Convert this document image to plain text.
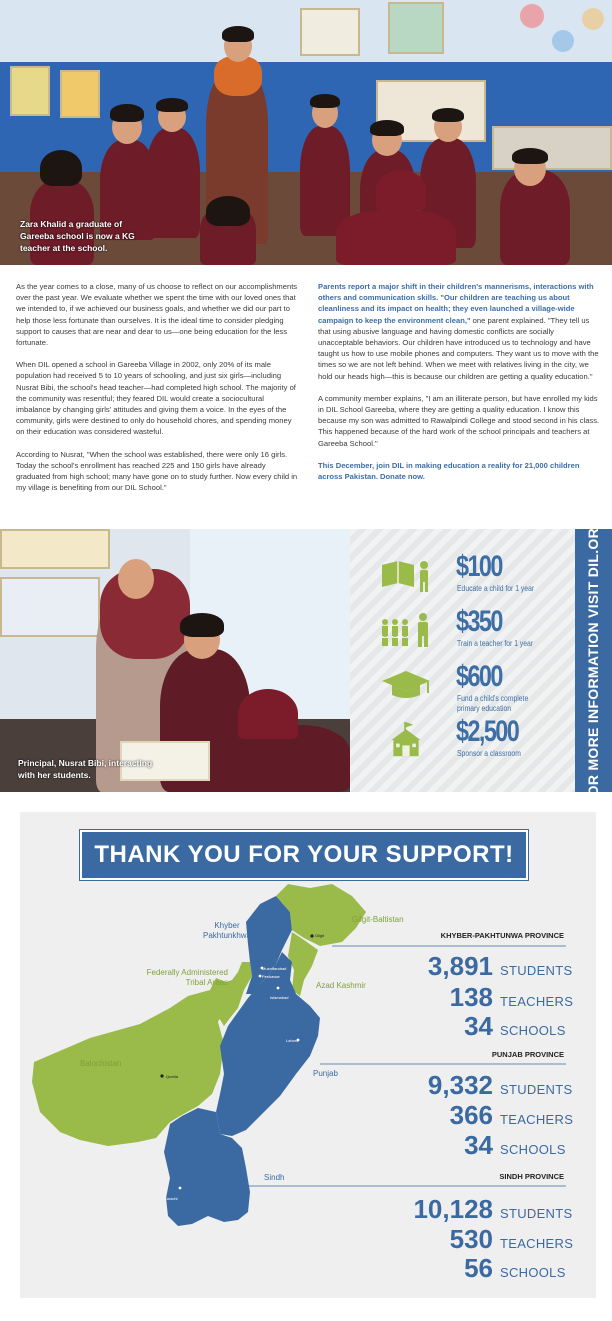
Zara Khalid a graduate of Gareeba school is now a KG teacher at the school.

As the year comes to a close, many of us choose to reflect on our accomplishments over the past year. We evaluate whether we spent the time with our loved ones that we intended to, if we achieved our business goals, and whether we did our part to help those less fortunate than ourselves. It is the ideal time to consider pledging support to causes that are near and dear to us—one being education for the less fortunate.

When DIL opened a school in Gareeba Village in 2002, only 20% of its male population had received 5 to 10 years of schooling, and just six girls—including Nusrat Bibi, the school's head teacher—had completed high school. The majority of the community was resentful; they feared DIL would create a sociocultural imbalance by changing girls' attitudes and giving them a voice. In the eyes of the community, girls were destined to only do household chores, and spending money on their education was considered wasteful.

According to Nusrat, "When the school was established, there were only 16 girls. Today the school's enrollment has reached 225 and 150 girls have already graduated from high school; many have gone on to study further. Now every child in my village is benefiting from our DIL School."

Parents report a major shift in their children's mannerisms, interactions with others and communication skills. "Our children are teaching us about cleanliness and its impact on health; they even launched a village-wide campaign to keep the environment clean," one parent explained. "They tell us that using abusive language and having domestic conflicts are socially unacceptable behaviors. Our children have introduced us to technology and have taught us how to use mobile phones and computers. They want us to move with the times so we are not left behind. When we meet with relatives living in the city, we hold our heads high—this is because our children are getting a quality education."

A community member explains, "I am an illiterate person, but have enrolled my kids in DIL School Gareeba, where they are getting a quality education. I know this because my son was admitted to Rawalpindi College and stood second in his class. This happened because of the hard work of the school principals and teachers at Gareeba School."

This December, join DIL in making education a reality for 21,000 children across Pakistan. Donate now.

Principal, Nusrat Bibi, interacting with her students.
$100
Educate a child for 1 year
$350
Train a teacher for 1 year
$600
Fund a child's complete primary education
$2,500
Sponsor a classroom	FOR MORE INFORMATION VISIT DIL.ORG
THANK YOU FOR YOUR SUPPORT!
Khyber
Pakhtunkhwa
Gilgit-Baltistan
Federally Administered
Tribal Areas	Azad Kashmir
Balochistan
Punjab
Sindh
Gilgit
Muzaffarabad
Peshawar
Islamabad
Lahore
Quetta
Karachi
KHYBER-PAKHTUNWA PROVINCE
3,891 STUDENTS
138 TEACHERS
34 SCHOOLS
PUNJAB PROVINCE
9,332 STUDENTS
366 TEACHERS
34 SCHOOLS
SINDH PROVINCE
10,128 STUDENTS
530 TEACHERS
56 SCHOOLS
